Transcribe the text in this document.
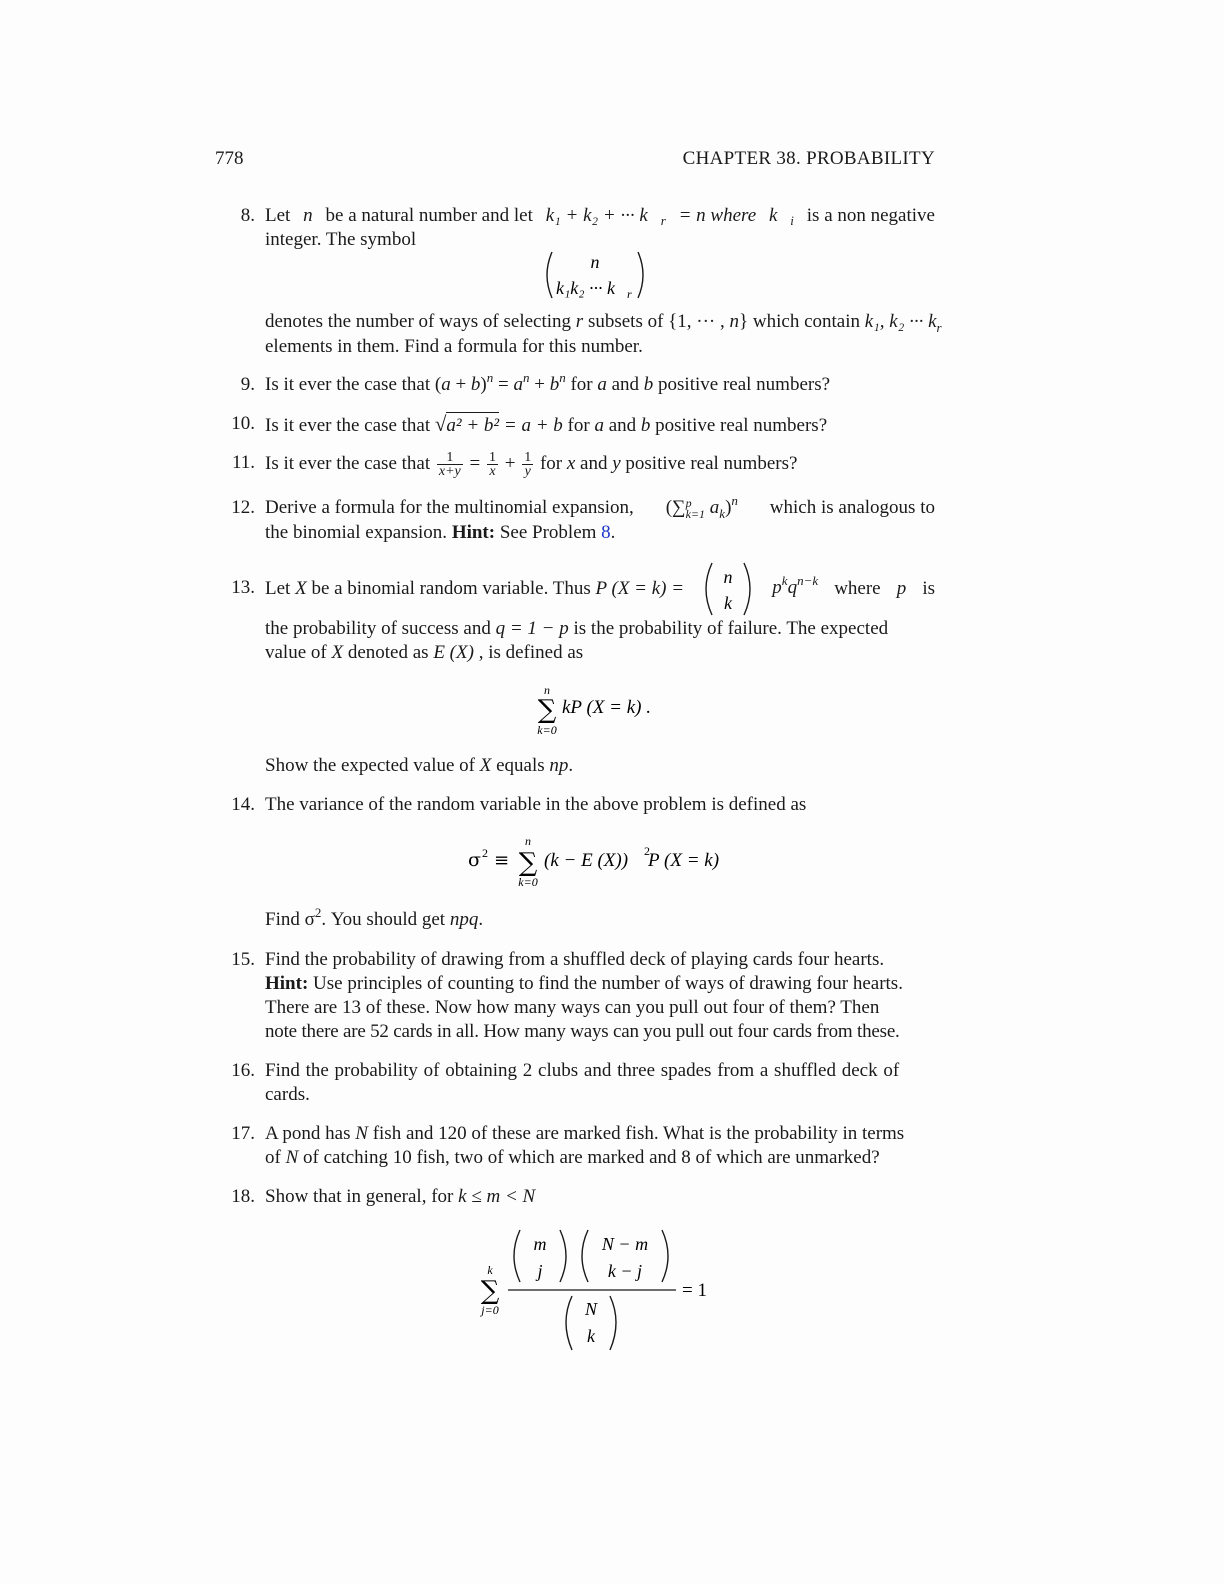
778	CHAPTER 38. PROBABILITY
8. Let n be a natural number and let k₁ + k₂ + ··· k r = n where k i is a non negative
integer. The symbol
n
k₁k₂ ··· k r
denotes the number of ways of selecting r subsets of {1, ··· , n} which contain k₁, k₂ ··· $k_r$
elements in them. Find a formula for this number.
9. Is it ever the case that $(a + b)^n = a^n + b^n$ for a and b positive real numbers?
10. Is it ever the case that √a² + b² = a + b for a and b positive real numbers?
11. Is it ever the case that $\frac{1}{x+y} = \frac{1}{x} + \frac{1}{y}$ for x and y positive real numbers?
12. Derive a formula for the multinomial expansion, (∑ p
k=1 $a_k)^n$ which is analogous to
the binomial expansion. Hint: See Problem 8.
13. Let X be a binomial random variable. Thus P (X = k) =
n
k
$p^kq^{n-k}$ where p is
the probability of success and q = 1 − p is the probability of failure. The expected
value of X denoted as E (X) , is defined as
n
∑
k=0
kP (X = k) .
Show the expected value of X equals np.
14. The variance of the random variable in the above problem is defined as
σ 2 ≡
n
∑
k=0
(k − E (X)) 2
P (X = k)
Find $\sigma^2$. You should get npq.
15. Find the probability of drawing from a shuffled deck of playing cards four hearts.
Hint: Use principles of counting to find the number of ways of drawing four hearts.
There are 13 of these. Now how many ways can you pull out four of them? Then
note there are 52 cards in all. How many ways can you pull out four cards from these.
16. Find the probability of obtaining 2 clubs and three spades from a shuffled deck of
cards.
17. A pond has N fish and 120 of these are marked fish. What is the probability in terms
of N of catching 10 fish, two of which are marked and 8 of which are unmarked?
18. Show that in general, for k ≤ m < N
k
∑
j=0
m
j
N − m
k − j
N
k
= 1
